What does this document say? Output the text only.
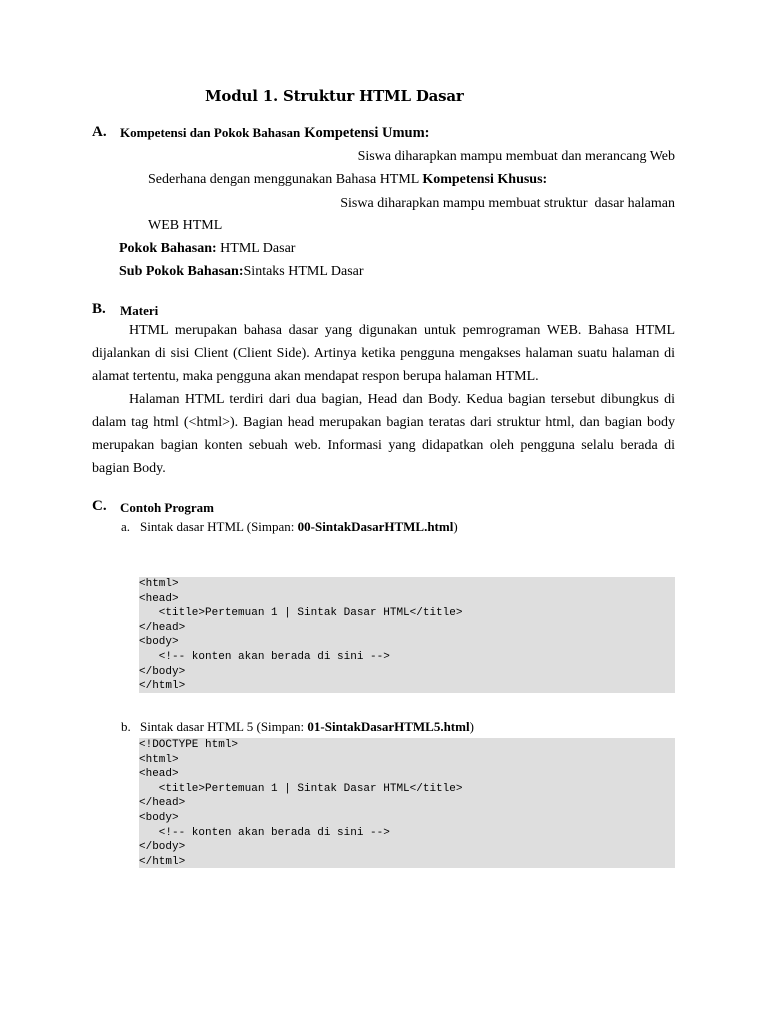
Modul 1. Struktur HTML Dasar
A. Kompetensi dan Pokok Bahasan Kompetensi Umum:
Siswa diharapkan mampu membuat dan merancang Web
Sederhana dengan menggunakan Bahasa HTML Kompetensi Khusus:
Siswa diharapkan mampu membuat struktur  dasar halaman
WEB HTML
Pokok Bahasan: HTML Dasar
Sub Pokok Bahasan:Sintaks HTML Dasar
B. Materi

HTML merupakan bahasa dasar yang digunakan untuk pemrograman WEB. Bahasa HTML dijalankan di sisi Client (Client Side). Artinya ketika pengguna mengakses halaman suatu halaman di alamat tertentu, maka pengguna akan mendapat respon berupa halaman HTML.

Halaman HTML terdiri dari dua bagian, Head dan Body. Kedua bagian tersebut dibungkus di dalam tag html (<html>). Bagian head merupakan bagian teratas dari struktur html, dan bagian body merupakan bagian konten sebuah web. Informasi yang didapatkan oleh pengguna selalu berada di bagian Body.

C. Contoh Program
a. Sintak dasar HTML (Simpan: 00-SintakDasarHTML.html)
<html>
<head>
<title>Pertemuan 1 | Sintak Dasar HTML</title>
</head>
<body>
<!-- konten akan berada di sini -->
</body>
</html>
b. Sintak dasar HTML 5 (Simpan: 01-SintakDasarHTML5.html)
<!DOCTYPE html>
<html>
<head>
<title>Pertemuan 1 | Sintak Dasar HTML</title>
</head>
<body>
<!-- konten akan berada di sini -->
</body>
</html>
